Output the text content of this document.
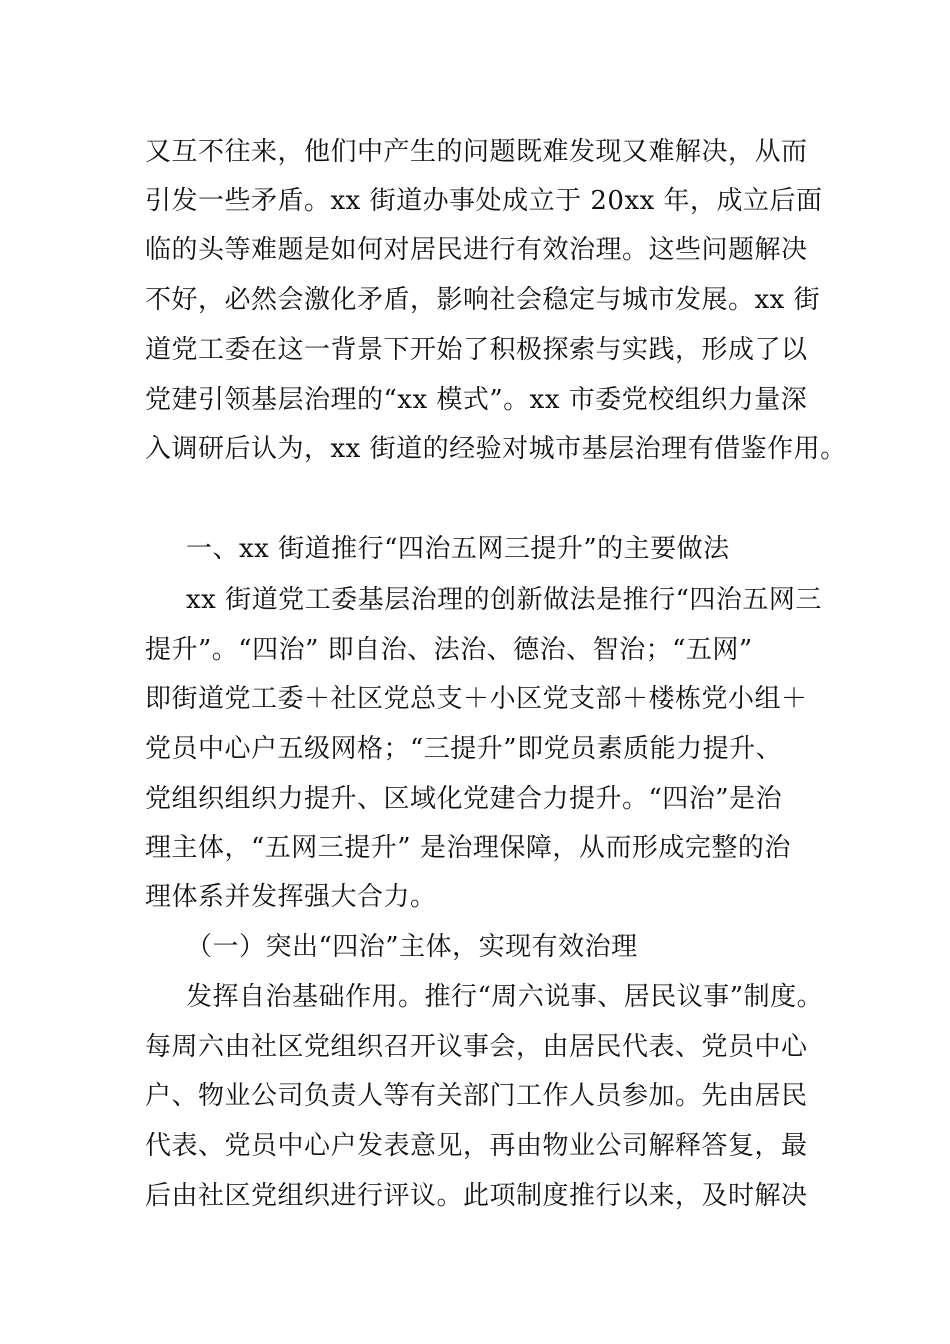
又互不往来，他们中产生的问题既难发现又难解决，从而
引发一些矛盾。xx 街道办事处成立于 20xx 年，成立后面
临的头等难题是如何对居民进行有效治理。这些问题解决
不好，必然会激化矛盾，影响社会稳定与城市发展。xx 街
道党工委在这一背景下开始了积极探索与实践，形成了以
党建引领基层治理的“xx 模式”。xx 市委党校组织力量深
入调研后认为，xx 街道的经验对城市基层治理有借鉴作用。
一、xx 街道推行“四治五网三提升”的主要做法
xx 街道党工委基层治理的创新做法是推行“四治五网三
提升”。“四治” 即自治、法治、德治、智治；“五网”
即街道党工委＋社区党总支＋小区党支部＋楼栋党小组＋
党员中心户五级网格；“三提升”即党员素质能力提升、
党组织组织力提升、区域化党建合力提升。“四治”是治
理主体，“五网三提升” 是治理保障，从而形成完整的治
理体系并发挥强大合力。
（一）突出“四治”主体，实现有效治理
发挥自治基础作用。推行“周六说事、居民议事”制度。
每周六由社区党组织召开议事会，由居民代表、党员中心
户、物业公司负责人等有关部门工作人员参加。先由居民
代表、党员中心户发表意见，再由物业公司解释答复，最
后由社区党组织进行评议。此项制度推行以来，及时解决
